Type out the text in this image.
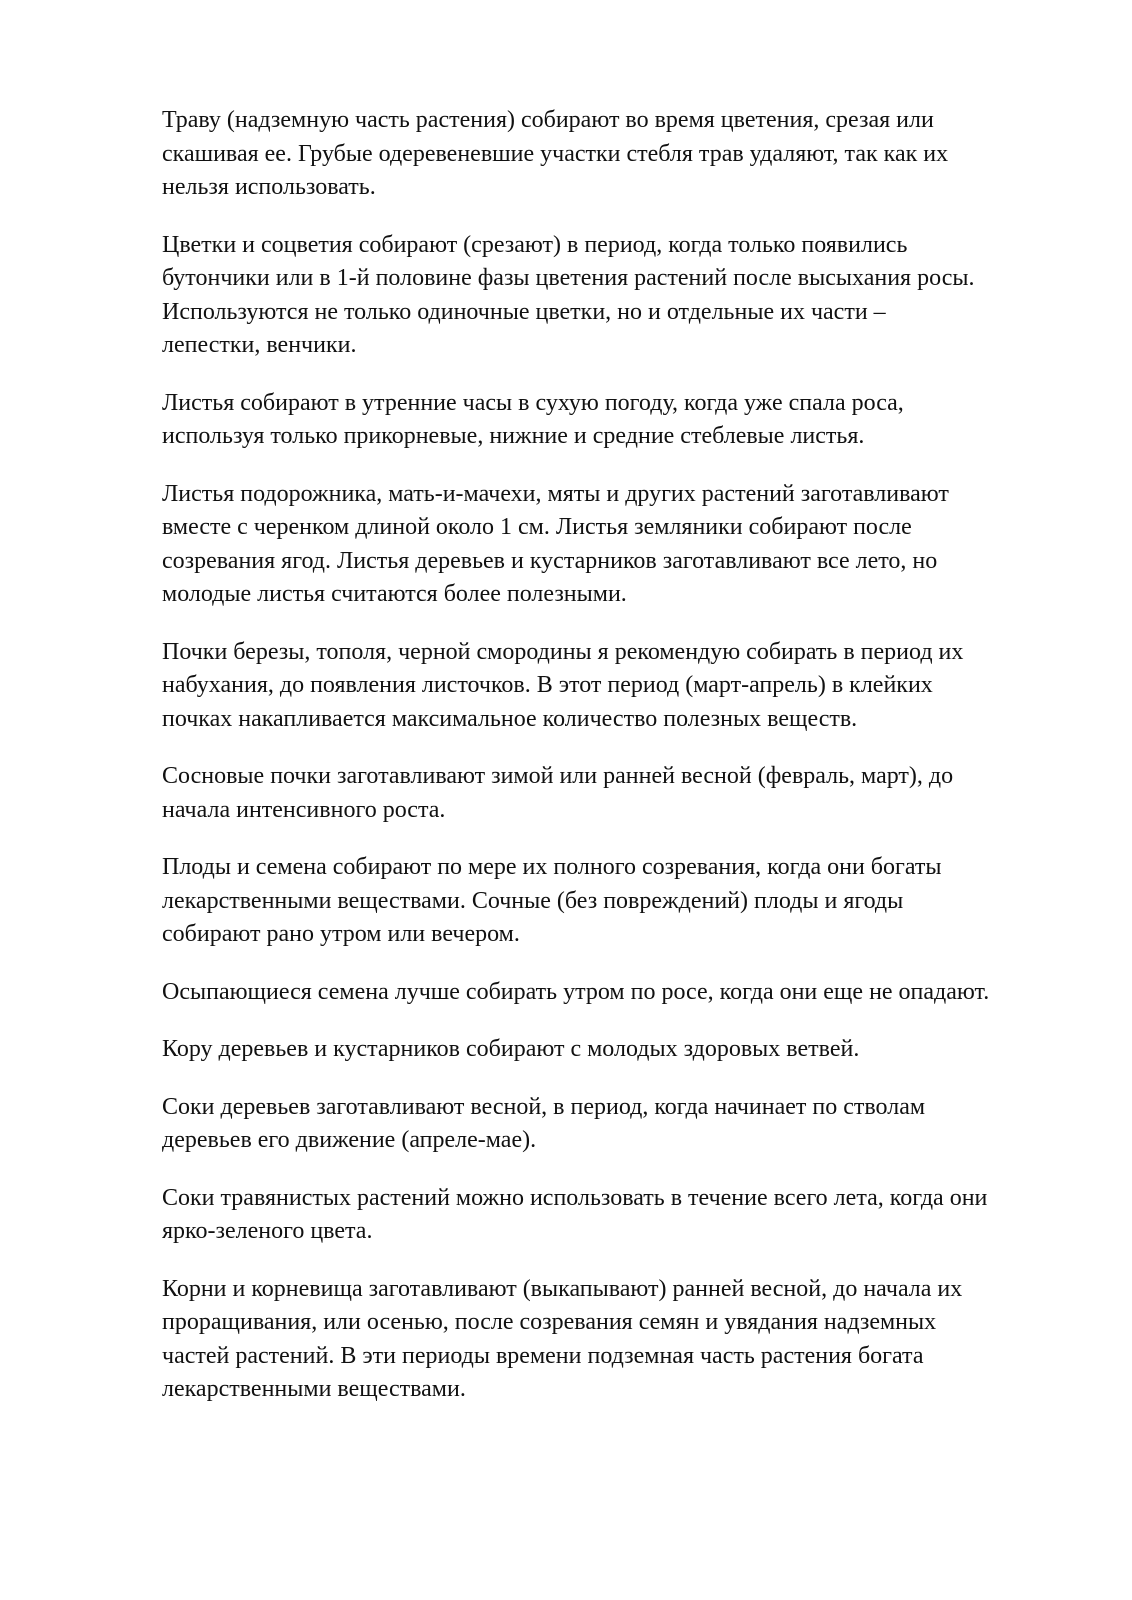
Траву (надземную часть растения) собирают во время цветения, срезая или
скашивая ее. Грубые одеревеневшие участки стебля трав удаляют, так как их
нельзя использовать.

Цветки и соцветия собирают (срезают) в период, когда только появились
бутончики или в 1-й половине фазы цветения растений после высыхания росы.
Используются не только одиночные цветки, но и отдельные их части –
лепестки, венчики.

Листья собирают в утренние часы в сухую погоду, когда уже спала роса,
используя только прикорневые, нижние и средние стеблевые листья.

Листья подорожника, мать-и-мачехи, мяты и других растений заготавливают
вместе с черенком длиной около 1 см. Листья земляники собирают после
созревания ягод. Листья деревьев и кустарников заготавливают все лето, но
молодые листья считаются более полезными.

Почки березы, тополя, черной смородины я рекомендую собирать в период их
набухания, до появления листочков. В этот период (март-апрель) в клейких
почках накапливается максимальное количество полезных веществ.

Сосновые почки заготавливают зимой или ранней весной (февраль, март), до
начала интенсивного роста.

Плоды и семена собирают по мере их полного созревания, когда они богаты
лекарственными веществами. Сочные (без повреждений) плоды и ягоды
собирают рано утром или вечером.

Осыпающиеся семена лучше собирать утром по росе, когда они еще не опадают.

Кору деревьев и кустарников собирают с молодых здоровых ветвей.

Соки деревьев заготавливают весной, в период, когда начинает по стволам
деревьев его движение (апреле-мае).

Соки травянистых растений можно использовать в течение всего лета, когда они
ярко-зеленого цвета.

Корни и корневища заготавливают (выкапывают) ранней весной, до начала их
проращивания, или осенью, после созревания семян и увядания надземных
частей растений. В эти периоды времени подземная часть растения богата
лекарственными веществами.
